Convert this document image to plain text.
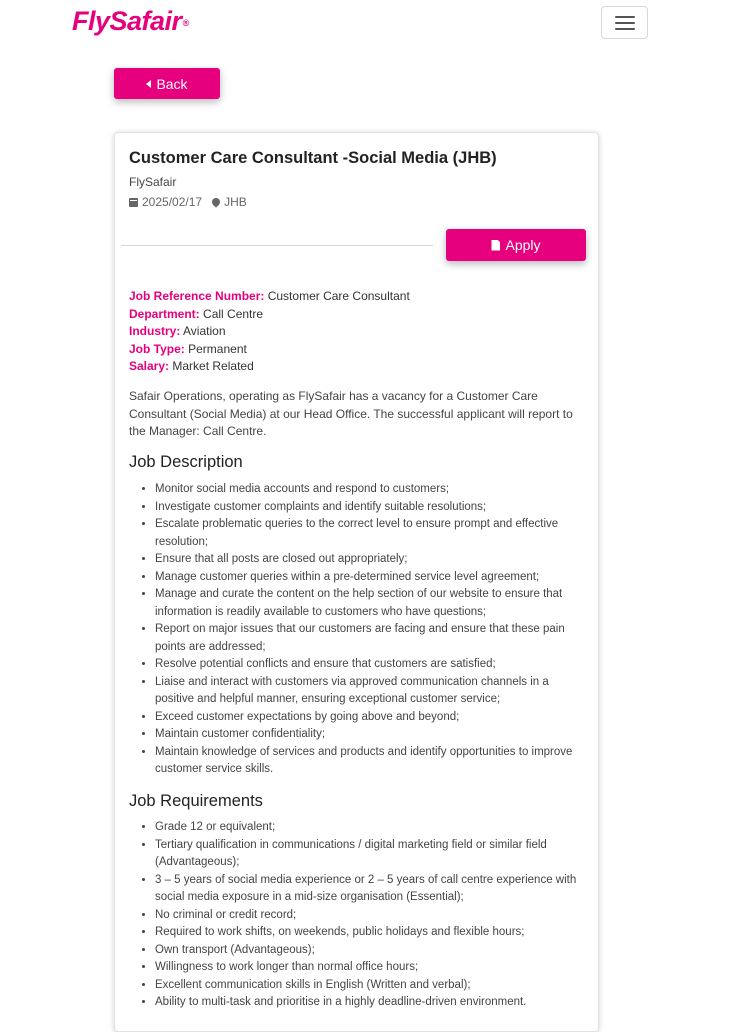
FlySafair®
Back
Customer Care Consultant -Social Media (JHB)
FlySafair
2025/02/17 JHB
Apply
Job Reference Number: Customer Care Consultant
Department: Call Centre
Industry: Aviation
Job Type: Permanent
Salary: Market Related

Safair Operations, operating as FlySafair has a vacancy for a Customer Care Consultant (Social Media) at our Head Office. The successful applicant will report to the Manager: Call Centre.

Job Description
• Monitor social media accounts and respond to customers;
• Investigate customer complaints and identify suitable resolutions;
• Escalate problematic queries to the correct level to ensure prompt and effective resolution;
• Ensure that all posts are closed out appropriately;
• Manage customer queries within a pre-determined service level agreement;
• Manage and curate the content on the help section of our website to ensure that information is readily available to customers who have questions;
• Report on major issues that our customers are facing and ensure that these pain points are addressed;
• Resolve potential conflicts and ensure that customers are satisfied;
• Liaise and interact with customers via approved communication channels in a positive and helpful manner, ensuring exceptional customer service;
• Exceed customer expectations by going above and beyond;
• Maintain customer confidentiality;
• Maintain knowledge of services and products and identify opportunities to improve customer service skills.
Job Requirements
• Grade 12 or equivalent;
• Tertiary qualification in communications / digital marketing field or similar field (Advantageous);
• 3 – 5 years of social media experience or 2 – 5 years of call centre experience with social media exposure in a mid-size organisation (Essential);
• No criminal or credit record;
• Required to work shifts, on weekends, public holidays and flexible hours;
• Own transport (Advantageous);
• Willingness to work longer than normal office hours;
• Excellent communication skills in English (Written and verbal);
• Ability to multi-task and prioritise in a highly deadline-driven environment.
